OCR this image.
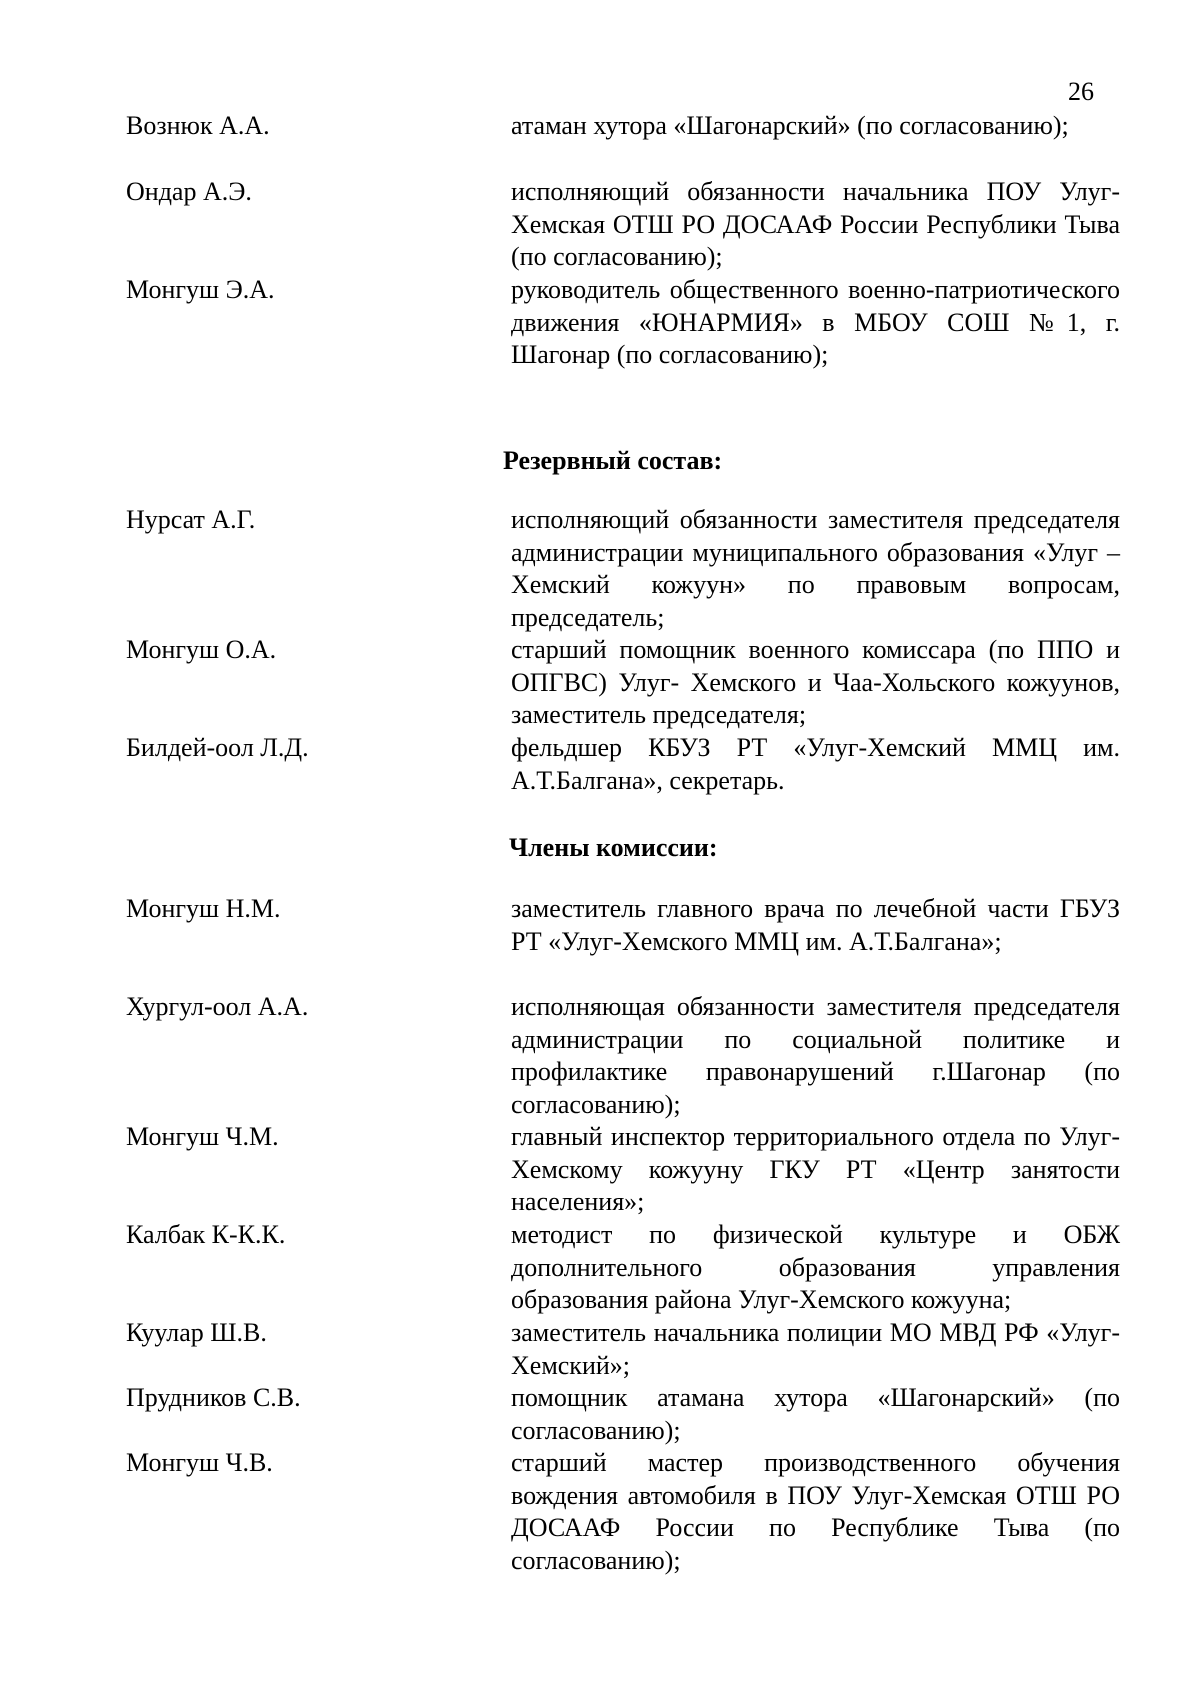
26
Вознюк А.А.	атаман хутора «Шагонарский» (по согласованию);
Ондар А.Э.	исполняющий обязанности начальника ПОУ Улуг-Хемская ОТШ РО ДОСААФ России Республики Тыва (по согласованию);
Монгуш Э.А.	руководитель общественного военно-патриотического движения «ЮНАРМИЯ» в МБОУ СОШ №1, г. Шагонар (по согласованию);
Резервный состав:
Нурсат А.Г.	исполняющий обязанности заместителя председателя администрации муниципального образования «Улуг – Хемский кожуун» по правовым вопросам, председатель;
Монгуш О.А.	старший помощник военного комиссара (по ППО и ОПГВС) Улуг- Хемского и Чаа-Хольского кожуунов, заместитель председателя;
Билдей-оол Л.Д.	фельдшер КБУЗ РТ «Улуг-Хемский ММЦ им. А.Т.Балгана», секретарь.
Члены комиссии:
Монгуш Н.М.	заместитель главного врача по лечебной части ГБУЗ РТ «Улуг-Хемского ММЦ им. А.Т.Балгана»;
Хургул-оол А.А.	исполняющая обязанности заместителя председателя администрации по социальной политике и профилактике правонарушений г.Шагонар (по согласованию);
Монгуш Ч.М.	главный инспектор территориального отдела по Улуг-Хемскому кожууну ГКУ РТ «Центр занятости населения»;
Калбак К-К.К.	методист по физической культуре и ОБЖ дополнительного образования управления образования района Улуг-Хемского кожууна;
Куулар Ш.В.	заместитель начальника полиции МО МВД РФ «Улуг-Хемский»;
Прудников С.В.	помощник атамана хутора «Шагонарский» (по согласованию);
Монгуш Ч.В.	старший мастер производственного обучения вождения автомобиля в ПОУ Улуг-Хемская ОТШ РО ДОСААФ России по Республике Тыва (по согласованию);
